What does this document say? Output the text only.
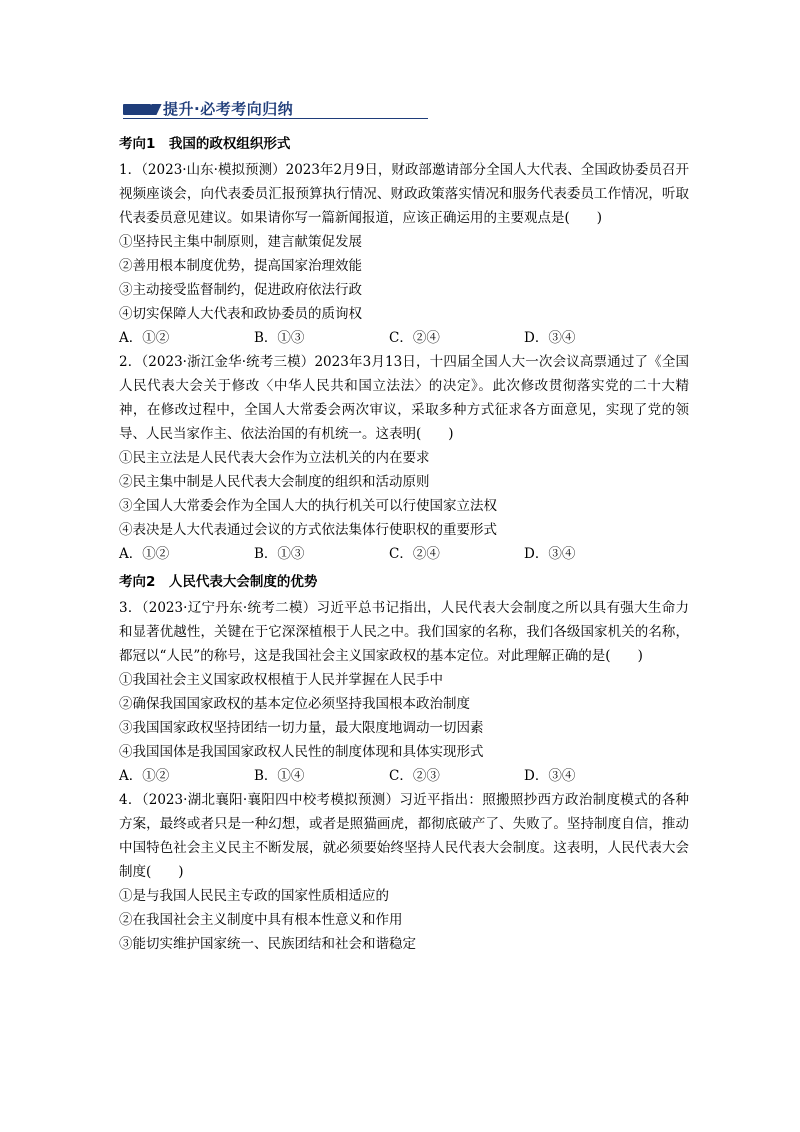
提升·必考考向归纳
考向1　我国的政权组织形式
1．（2023·山东·模拟预测）2023年2月9日，财政部邀请部分全国人大代表、全国政协委员召开视频座谈会，向代表委员汇报预算执行情况、财政政策落实情况和服务代表委员工作情况，听取代表委员意见建议。如果请你写一篇新闻报道，应该正确运用的主要观点是(　　)
①坚持民主集中制原则，建言献策促发展
②善用根本制度优势，提高国家治理效能
③主动接受监督制约，促进政府依法行政
④切实保障人大代表和政协委员的质询权
A．①②	B．①③	C．②④	D．③④
2．（2023·浙江金华·统考三模）2023年3月13日，十四届全国人大一次会议高票通过了《全国人民代表大会关于修改〈中华人民共和国立法法〉的决定》。此次修改贯彻落实党的二十大精神，在修改过程中，全国人大常委会两次审议，采取多种方式征求各方面意见，实现了党的领导、人民当家作主、依法治国的有机统一。这表明(　　)
①民主立法是人民代表大会作为立法机关的内在要求
②民主集中制是人民代表大会制度的组织和活动原则
③全国人大常委会作为全国人大的执行机关可以行使国家立法权
④表决是人大代表通过会议的方式依法集体行使职权的重要形式
A．①②	B．①③	C．②④	D．③④
考向2　人民代表大会制度的优势
3．（2023·辽宁丹东·统考二模）习近平总书记指出，人民代表大会制度之所以具有强大生命力和显著优越性，关键在于它深深植根于人民之中。我们国家的名称，我们各级国家机关的名称，都冠以“人民”的称号，这是我国社会主义国家政权的基本定位。对此理解正确的是(　　)
①我国社会主义国家政权根植于人民并掌握在人民手中
②确保我国国家政权的基本定位必须坚持我国根本政治制度
③我国国家政权坚持团结一切力量，最大限度地调动一切因素
④我国国体是我国国家政权人民性的制度体现和具体实现形式
A．①②	B．①④	C．②③	D．③④
4．（2023·湖北襄阳·襄阳四中校考模拟预测）习近平指出：照搬照抄西方政治制度模式的各种方案，最终或者只是一种幻想，或者是照猫画虎，都彻底破产了、失败了。坚持制度自信，推动中国特色社会主义民主不断发展，就必须要始终坚持人民代表大会制度。这表明，人民代表大会制度(　　)
①是与我国人民民主专政的国家性质相适应的
②在我国社会主义制度中具有根本性意义和作用
③能切实维护国家统一、民族团结和社会和谐稳定
